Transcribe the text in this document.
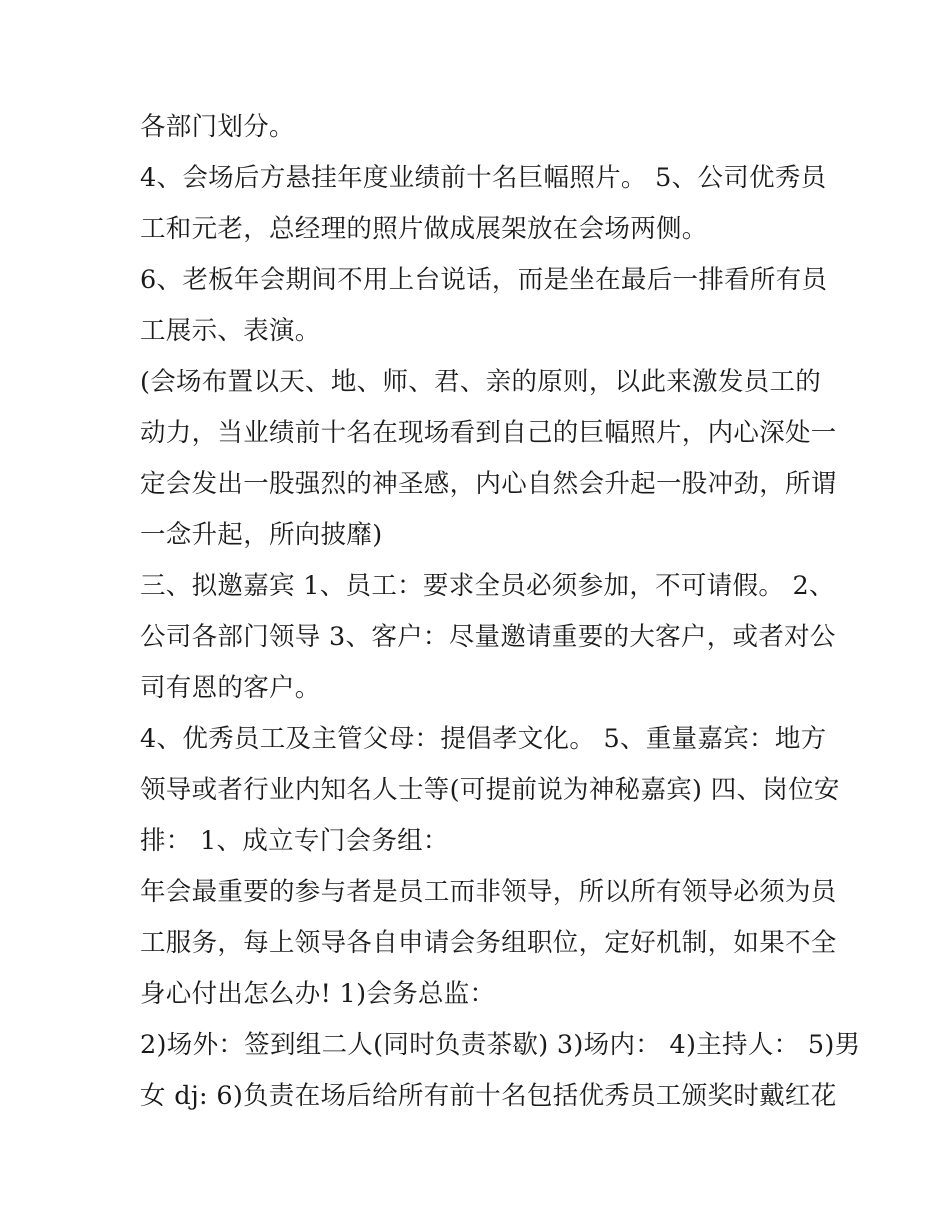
各部门划分。
4、会场后方悬挂年度业绩前十名巨幅照片。 5、公司优秀员
工和元老，总经理的照片做成展架放在会场两侧。
6、老板年会期间不用上台说话，而是坐在最后一排看所有员
工展示、表演。
(会场布置以天、地、师、君、亲的原则，以此来激发员工的
动力，当业绩前十名在现场看到自己的巨幅照片，内心深处一
定会发出一股强烈的神圣感，内心自然会升起一股冲劲，所谓
一念升起，所向披靡)
三、拟邀嘉宾 1、员工：要求全员必须参加，不可请假。 2、
公司各部门领导 3、客户：尽量邀请重要的大客户，或者对公
司有恩的客户。
4、优秀员工及主管父母：提倡孝文化。 5、重量嘉宾：地方
领导或者行业内知名人士等(可提前说为神秘嘉宾) 四、岗位安
排： 1、成立专门会务组：
年会最重要的参与者是员工而非领导，所以所有领导必须为员
工服务，每上领导各自申请会务组职位，定好机制，如果不全
身心付出怎么办! 1)会务总监：
2)场外：签到组二人(同时负责茶歇) 3)场内： 4)主持人： 5)男
女 dj: 6)负责在场后给所有前十名包括优秀员工颁奖时戴红花
